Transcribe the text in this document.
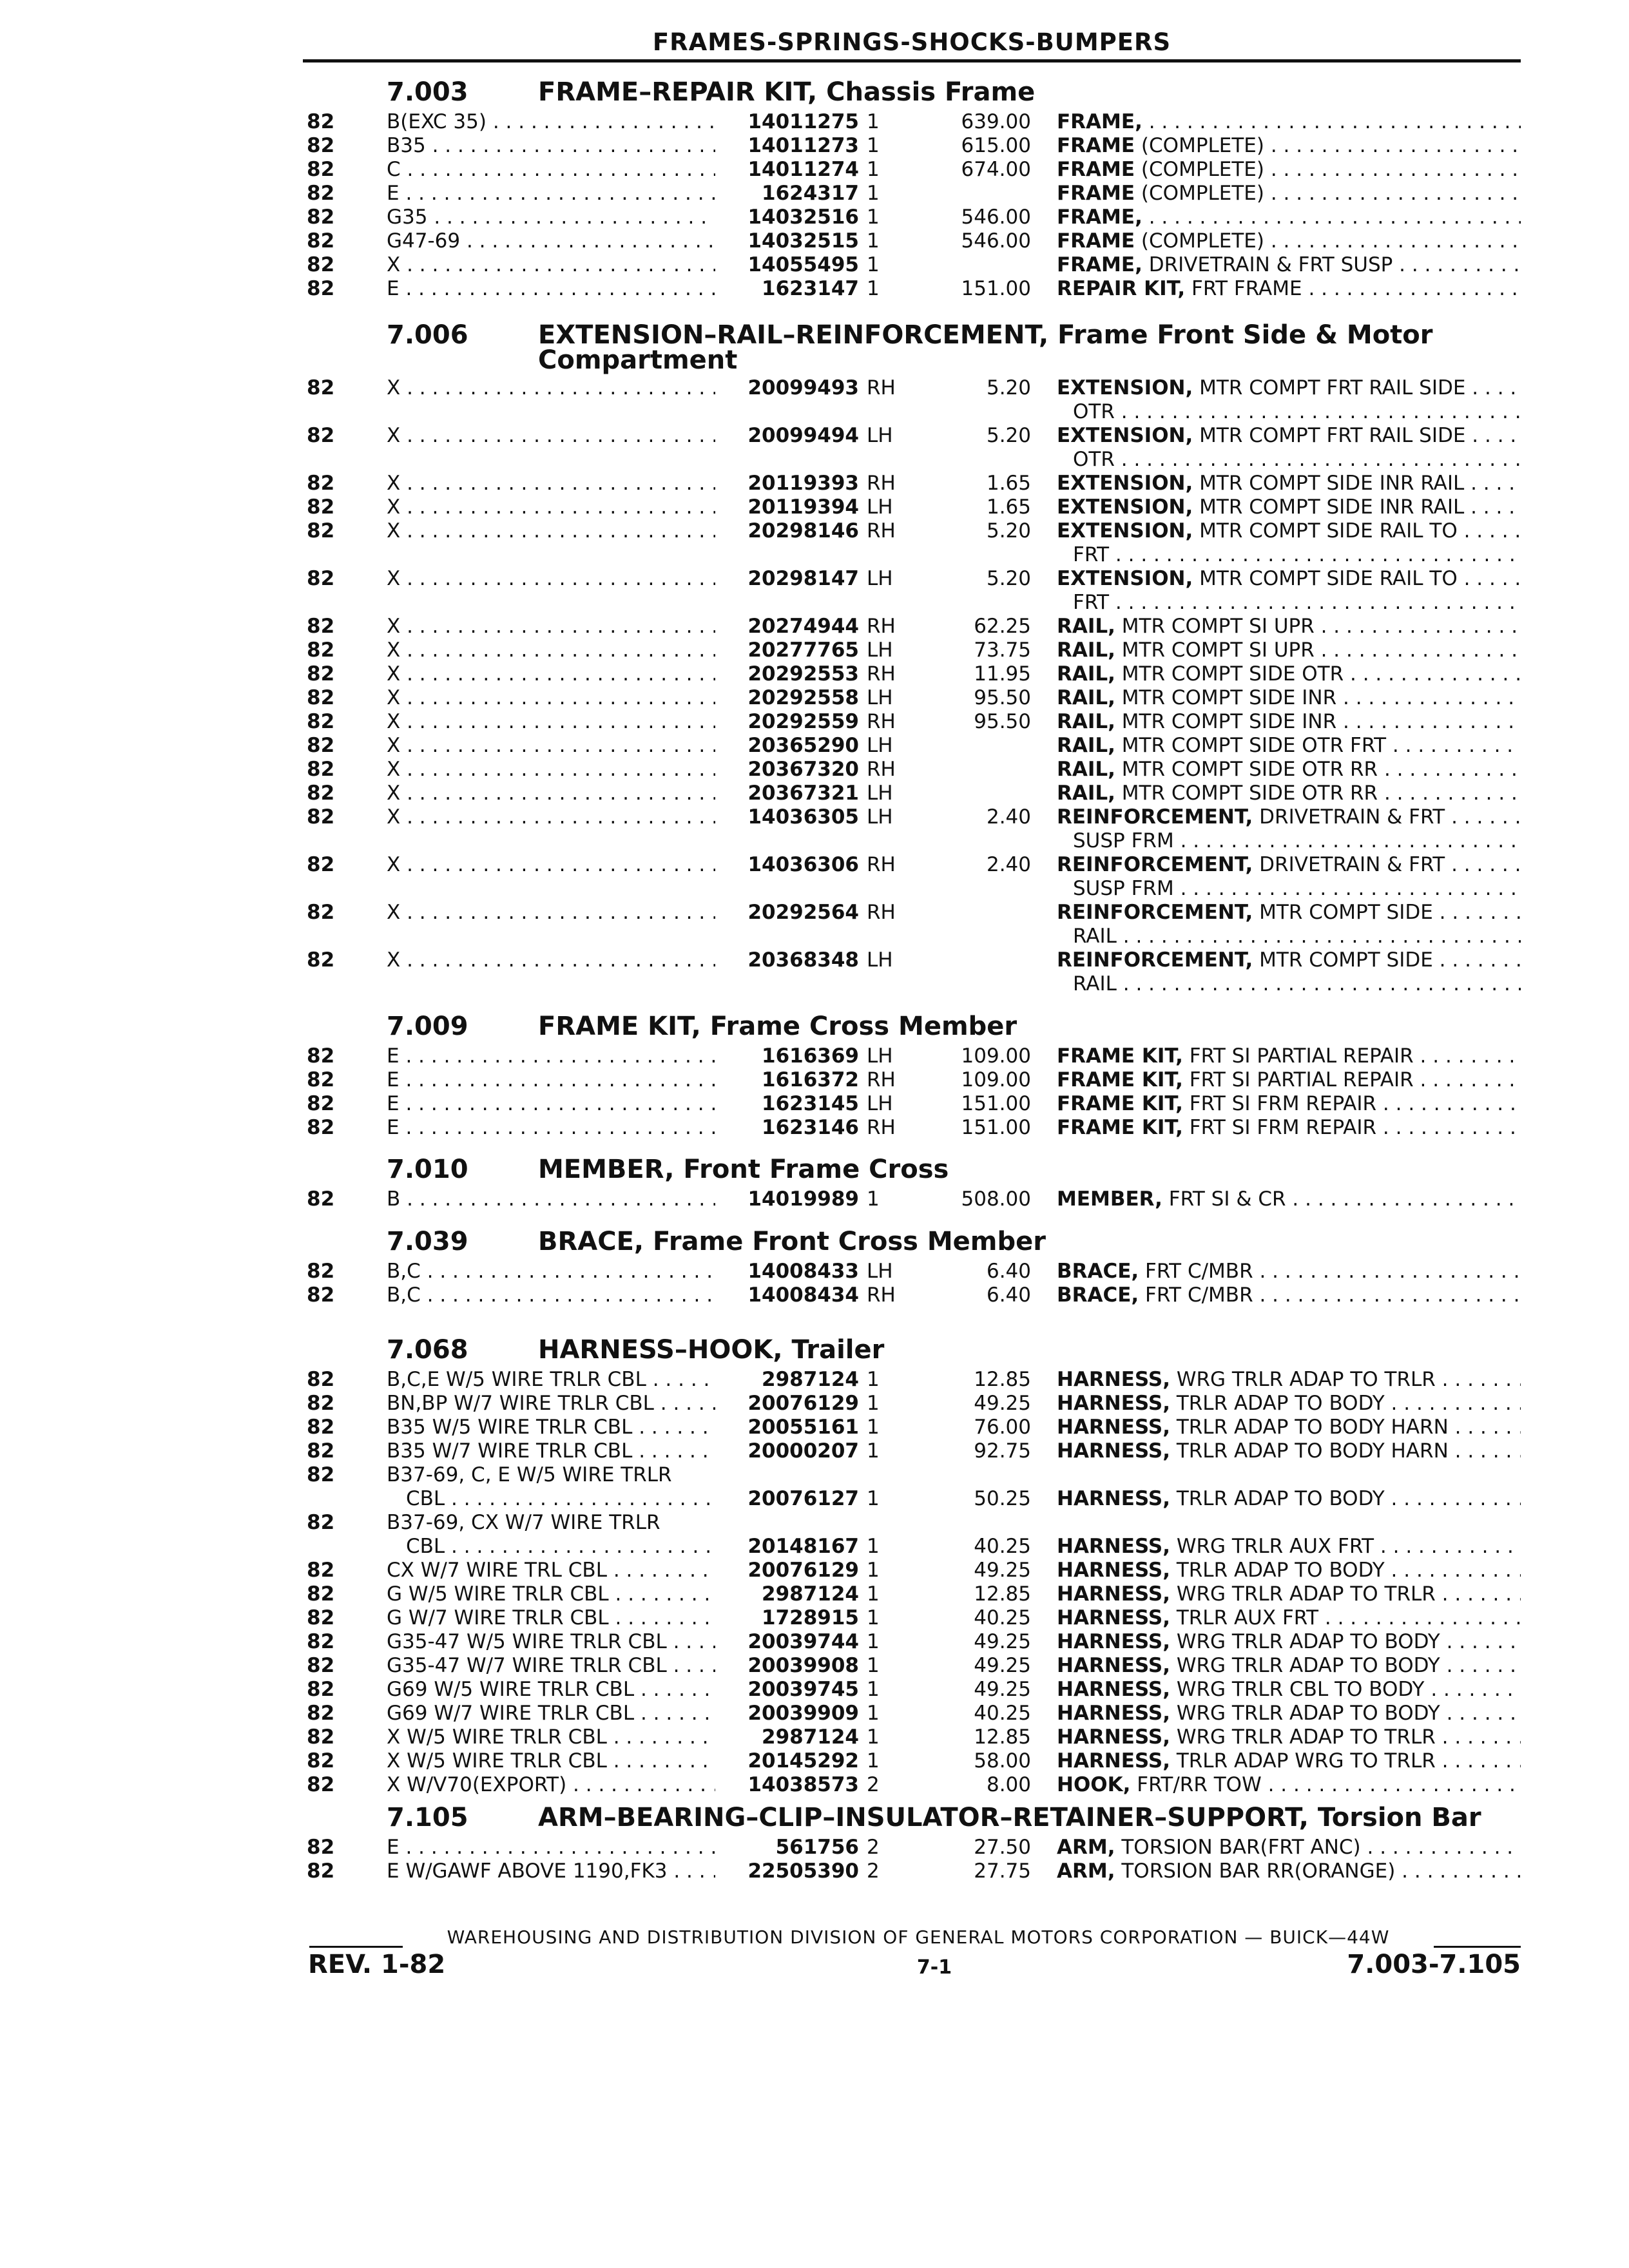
FRAMES-SPRINGS-SHOCKS-BUMPERS
7.003	FRAME–REPAIR KIT, Chassis Frame
82	B(EXC 35) . . .	14011275 1	639.00 FRAME, . . .
82	B35 . . .	14011273 1	615.00 FRAME (COMPLETE) . . .
82	C . . .	14011274 1	674.00 FRAME (COMPLETE) . . .
82	E . . .	1624317 1	FRAME (COMPLETE) . . .
82	G35 . . .	14032516 1	546.00 FRAME, . . .
82	G47-69 . . .	14032515 1	546.00 FRAME (COMPLETE) . . .
82	X . . .	14055495 1	FRAME, DRIVETRAIN & FRT SUSP . . .
82	E . . .	1623147 1	151.00 REPAIR KIT, FRT FRAME . . .
7.006	EXTENSION–RAIL–REINFORCEMENT, Frame Front Side & Motor
Compartment
82	X . . .	20099493 RH	5.20 EXTENSION, MTR COMPT FRT RAIL SIDE . . .
OTR . . .
82	X . . .	20099494 LH	5.20 EXTENSION, MTR COMPT FRT RAIL SIDE . . .
OTR . . .
82	X . . .	20119393 RH	1.65 EXTENSION, MTR COMPT SIDE INR RAIL . . .
82	X . . .	20119394 LH	1.65 EXTENSION, MTR COMPT SIDE INR RAIL . . .
82	X . . .	20298146 RH	5.20 EXTENSION, MTR COMPT SIDE RAIL TO . . .
FRT . . .
82	X . . .	20298147 LH	5.20 EXTENSION, MTR COMPT SIDE RAIL TO . . .
FRT . . .
82	X . . .	20274944 RH	62.25 RAIL, MTR COMPT SI UPR . . .
82	X . . .	20277765 LH	73.75 RAIL, MTR COMPT SI UPR . . .
82	X . . .	20292553 RH	11.95 RAIL, MTR COMPT SIDE OTR . . .
82	X . . .	20292558 LH	95.50 RAIL, MTR COMPT SIDE INR . . .
82	X . . .	20292559 RH	95.50 RAIL, MTR COMPT SIDE INR . . .
82	X . . .	20365290 LH	RAIL, MTR COMPT SIDE OTR FRT . . .
82	X . . .	20367320 RH	RAIL, MTR COMPT SIDE OTR RR . . .
82	X . . .	20367321 LH	RAIL, MTR COMPT SIDE OTR RR . . .
82	X . . .	14036305 LH	2.40 REINFORCEMENT, DRIVETRAIN & FRT . . .
SUSP FRM . . .
82	X . . .	14036306 RH	2.40 REINFORCEMENT, DRIVETRAIN & FRT . . .
SUSP FRM . . .
82	X . . .	20292564 RH	REINFORCEMENT, MTR COMPT SIDE . . .
RAIL . . .
82	X . . .	20368348 LH	REINFORCEMENT, MTR COMPT SIDE . . .
RAIL . . .
7.009	FRAME KIT, Frame Cross Member
82	E . . .	1616369 LH	109.00 FRAME KIT, FRT SI PARTIAL REPAIR . . .
82	E . . .	1616372 RH	109.00 FRAME KIT, FRT SI PARTIAL REPAIR . . .
82	E . . .	1623145 LH	151.00 FRAME KIT, FRT SI FRM REPAIR . . .
82	E . . .	1623146 RH	151.00 FRAME KIT, FRT SI FRM REPAIR . . .
7.010	MEMBER, Front Frame Cross
82	B . . .	14019989 1	508.00 MEMBER, FRT SI & CR . . .
7.039	BRACE, Frame Front Cross Member
82	B,C . . .	14008433 LH	6.40 BRACE, FRT C/MBR . . .
82	B,C . . .	14008434 RH	6.40 BRACE, FRT C/MBR . . .
7.068	HARNESS–HOOK, Trailer
82	B,C,E W/5 WIRE TRLR CBL . . .	2987124 1	12.85 HARNESS, WRG TRLR ADAP TO TRLR . . .
82	BN,BP W/7 WIRE TRLR CBL . . .	20076129 1	49.25 HARNESS, TRLR ADAP TO BODY . . .
82	B35 W/5 WIRE TRLR CBL . . .	20055161 1	76.00 HARNESS, TRLR ADAP TO BODY HARN . . .
82	B35 W/7 WIRE TRLR CBL . . .	20000207 1	92.75 HARNESS, TRLR ADAP TO BODY HARN . . .
82	B37-69, C, E W/5 WIRE TRLR
CBL . . .	20076127 1	50.25 HARNESS, TRLR ADAP TO BODY . . .
82	B37-69, CX W/7 WIRE TRLR
CBL . . .	20148167 1	40.25 HARNESS, WRG TRLR AUX FRT . . .
82	CX W/7 WIRE TRL CBL . . .	20076129 1	49.25 HARNESS, TRLR ADAP TO BODY . . .
82	G W/5 WIRE TRLR CBL . . .	2987124 1	12.85 HARNESS, WRG TRLR ADAP TO TRLR . . .
82	G W/7 WIRE TRLR CBL . . .	1728915 1	40.25 HARNESS, TRLR AUX FRT . . .
82	G35-47 W/5 WIRE TRLR CBL . . .	20039744 1	49.25 HARNESS, WRG TRLR ADAP TO BODY . . .
82	G35-47 W/7 WIRE TRLR CBL . . .	20039908 1	49.25 HARNESS, WRG TRLR ADAP TO BODY . . .
82	G69 W/5 WIRE TRLR CBL . . .	20039745 1	49.25 HARNESS, WRG TRLR CBL TO BODY . . .
82	G69 W/7 WIRE TRLR CBL . . .	20039909 1	40.25 HARNESS, WRG TRLR ADAP TO BODY . . .
82	X W/5 WIRE TRLR CBL . . .	2987124 1	12.85 HARNESS, WRG TRLR ADAP TO TRLR . . .
82	X W/5 WIRE TRLR CBL . . .	20145292 1	58.00 HARNESS, TRLR ADAP WRG TO TRLR . . .
82	X W/V70(EXPORT) . . .	14038573 2	8.00 HOOK, FRT/RR TOW . . .
7.105	ARM–BEARING–CLIP–INSULATOR–RETAINER–SUPPORT, Torsion Bar
82	E . . .	561756 2	27.50 ARM, TORSION BAR(FRT ANC) . . .
82	E W/GAWF ABOVE 1190,FK3 . . .	22505390 2	27.75 ARM, TORSION BAR RR(ORANGE) . . .
WAREHOUSING AND DISTRIBUTION DIVISION OF GENERAL MOTORS CORPORATION — BUICK—44W
REV. 1-82	7-1	7.003-7.105
